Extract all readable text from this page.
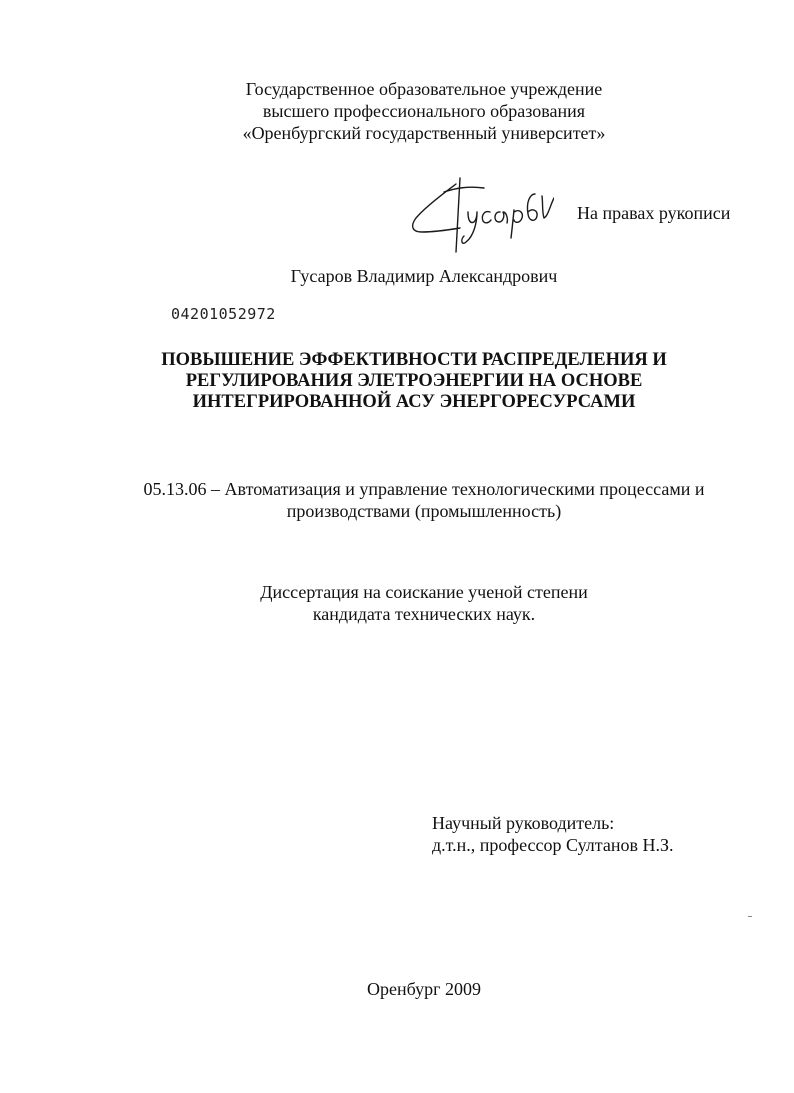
Государственное образовательное учреждение
высшего профессионального образования
«Оренбургский государственный университет»
На правах рукописи
Гусаров Владимир Александрович
04201052972
ПОВЫШЕНИЕ ЭФФЕКТИВНОСТИ РАСПРЕДЕЛЕНИЯ И
РЕГУЛИРОВАНИЯ ЭЛЕТРОЭНЕРГИИ НА ОСНОВЕ
ИНТЕГРИРОВАННОЙ АСУ ЭНЕРГОРЕСУРСАМИ
05.13.06 – Автоматизация и управление технологическими процессами и
производствами (промышленность)
Диссертация на соискание ученой степени
кандидата технических наук.
Научный руководитель:
д.т.н., профессор Султанов Н.З.
Оренбург 2009
